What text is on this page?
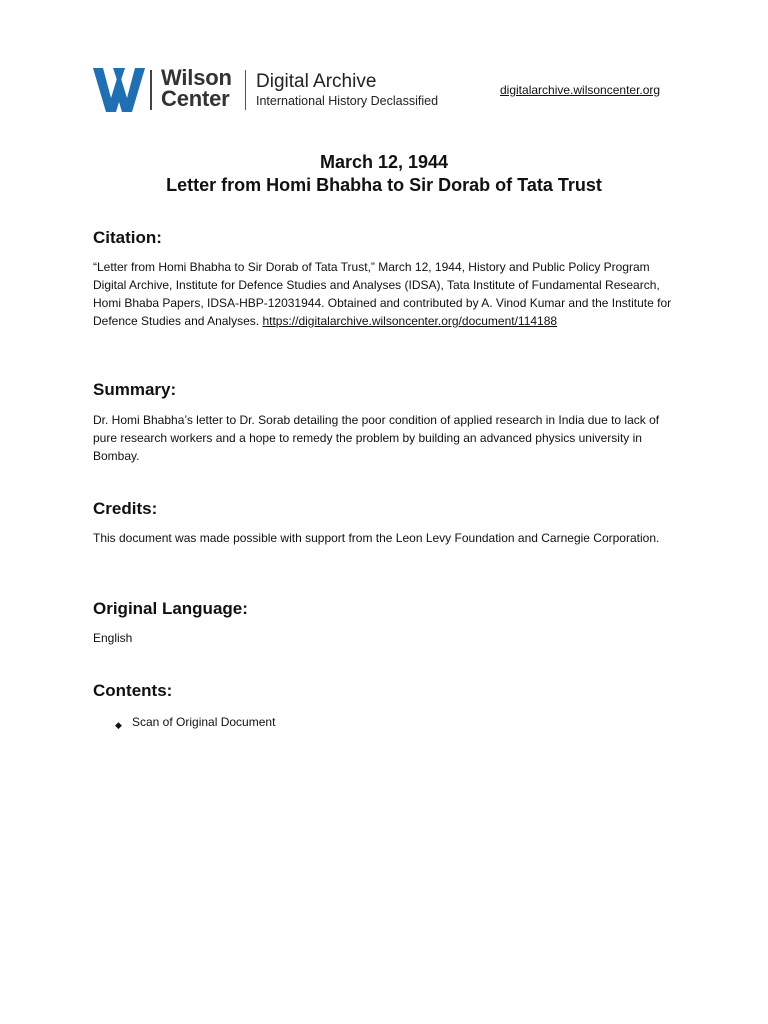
Wilson
Center
Digital Archive
International History Declassified
digitalarchive.wilsoncenter.org
March 12, 1944
Letter from Homi Bhabha to Sir Dorab of Tata Trust
Citation:
“Letter from Homi Bhabha to Sir Dorab of Tata Trust,” March 12, 1944, History and Public Policy Program Digital Archive, Institute for Defence Studies and Analyses (IDSA), Tata Institute of Fundamental Research, Homi Bhaba Papers, IDSA-HBP-12031944. Obtained and contributed by A. Vinod Kumar and the Institute for Defence Studies and Analyses. https://digitalarchive.wilsoncenter.org/document/114188
Summary:
Dr. Homi Bhabha’s letter to Dr. Sorab detailing the poor condition of applied research in India due to lack of pure research workers and a hope to remedy the problem by building an advanced physics university in Bombay.
Credits:
This document was made possible with support from the Leon Levy Foundation and Carnegie Corporation.
Original Language:
English
Contents:
◆ Scan of Original Document
